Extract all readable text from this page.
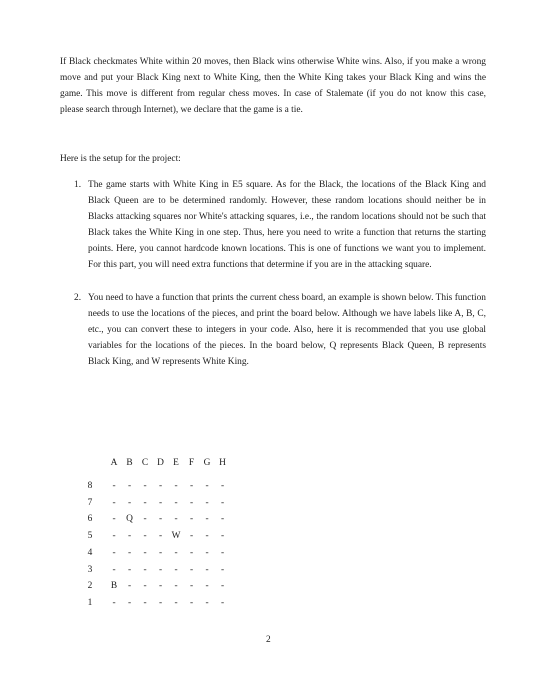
If Black checkmates White within 20 moves, then Black wins otherwise White wins. Also, if you make a wrong move and put your Black King next to White King, then the White King takes your Black King and wins the game. This move is different from regular chess moves. In case of Stalemate (if you do not know this case, please search through Internet), we declare that the game is a tie.

Here is the setup for the project:

1. The game starts with White King in E5 square. As for the Black, the locations of the Black King and Black Queen are to be determined randomly. However, these random locations should neither be in Blacks attacking squares nor White's attacking squares, i.e., the random locations should not be such that Black takes the White King in one step. Thus, here you need to write a function that returns the starting points. Here, you cannot hardcode known locations. This is one of functions we want you to implement. For this part, you will need extra functions that determine if you are in the attacking square.

2. You need to have a function that prints the current chess board, an example is shown below. This function needs to use the locations of the pieces, and print the board below. Although we have labels like A, B, C, etc., you can convert these to integers in your code. Also, here it is recommended that you use global variables for the locations of the pieces. In the board below, Q represents Black Queen, B represents Black King, and W represents White King.

A B C D E	F	G H
8	-	-	-	-	-	-	-	-
7	-	-	-	-	-	-	-	-
6	-	Q	-	-	-	-	-	-
5	-	-	-	-	W	-	-	-
4	-	-	-	-	-	-	-	-
3	-	-	-	-	-	-	-	-
2	B	-	-	-	-	-	-	-
1	-	-	-	-	-	-	-	-
2
